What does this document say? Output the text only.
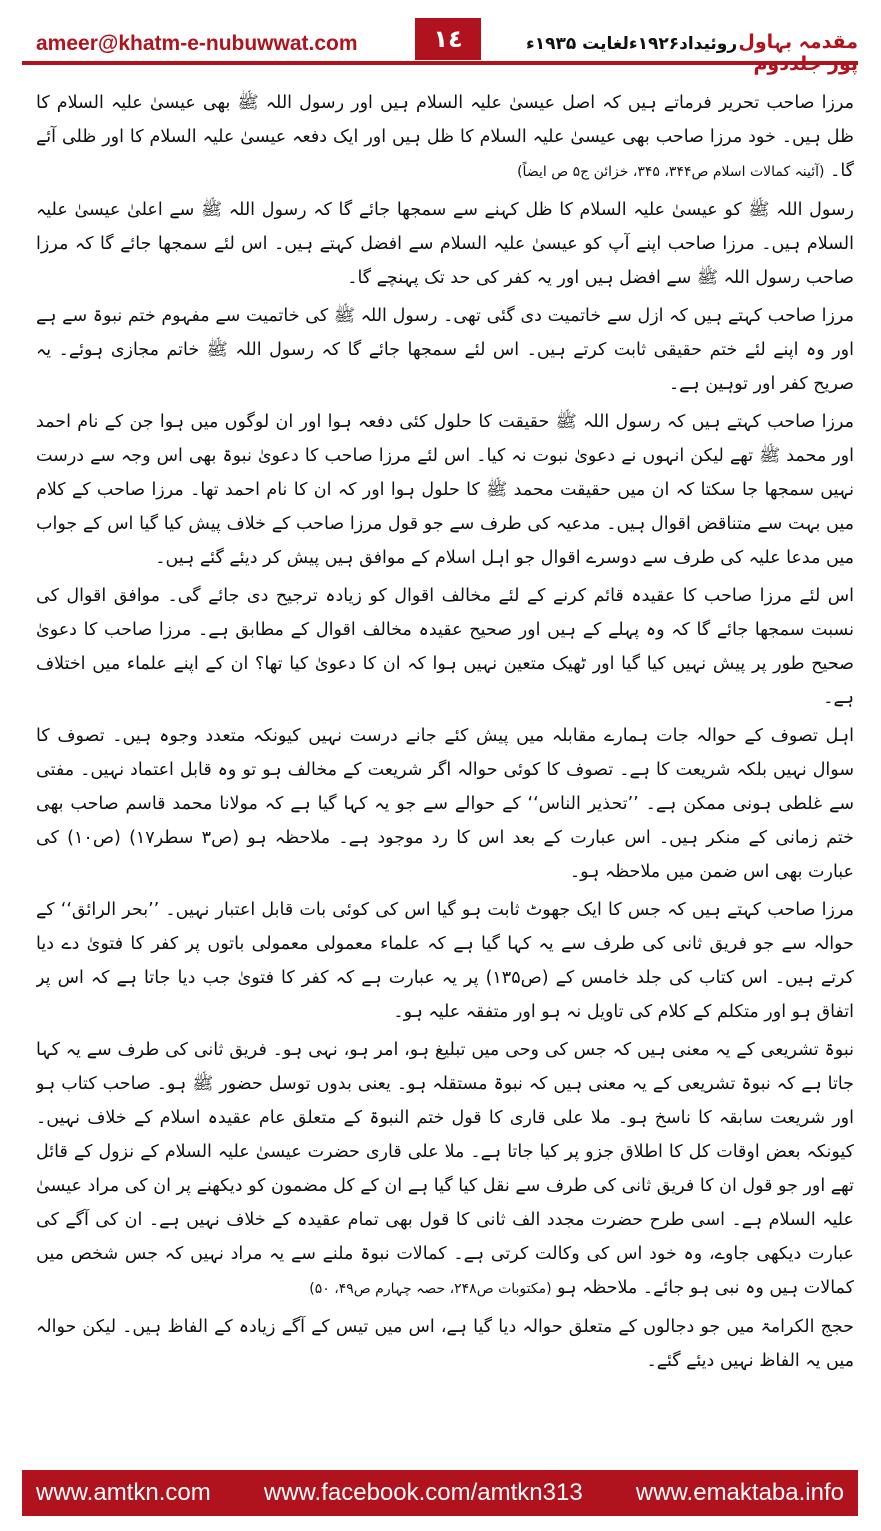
ameer@khatm-e-nubuwwat.com	١٤	روئیداد۱۹۲۶ءلغایت ۱۹۳۵ء	مقدمہ بہاول

مرزا صاحب تحریر فرماتے ہیں کہ اصل عیسیٰ علیہ السلام ہیں اور رسول اللہ ﷺ بھی عیسیٰ علیہ السلام کا ظل ہیں۔ خود مرزا صاحب بھی عیسیٰ علیہ السلام کا ظل ہیں اور ایک دفعہ عیسیٰ علیہ السلام کا اور ظلی آئے گا۔ (آئینہ کمالات اسلام ص۳۴۴، ۳۴۵، خزائن ج۵ ص ایضاً)

رسول اللہ ﷺ کو عیسیٰ علیہ السلام کا ظل کہنے سے سمجھا جائے گا کہ رسول اللہ ﷺ سے اعلیٰ عیسیٰ علیہ السلام ہیں۔ مرزا صاحب اپنے آپ کو عیسیٰ علیہ السلام سے افضل کہتے ہیں۔ اس لئے سمجھا جائے گا کہ مرزا صاحب رسول اللہ ﷺ سے افضل ہیں اور یہ کفر کی حد تک پہنچے گا۔

مرزا صاحب کہتے ہیں کہ ازل سے خاتمیت دی گئی تھی۔ رسول اللہ ﷺ کی خاتمیت سے مفہوم ختم نبوۃ سے ہے اور وہ اپنے لئے ختم حقیقی ثابت کرتے ہیں۔ اس لئے سمجھا جائے گا کہ رسول اللہ ﷺ خاتم مجازی ہوئے۔ یہ صریح کفر اور توہین ہے۔

مرزا صاحب کہتے ہیں کہ رسول اللہ ﷺ حقیقت کا حلول کئی دفعہ ہوا اور ان لوگوں میں ہوا جن کے نام احمد اور محمد ﷺ تھے لیکن انہوں نے دعویٰ نبوت نہ کیا۔ اس لئے مرزا صاحب کا دعویٰ نبوۃ بھی اس وجہ سے درست نہیں سمجھا جا سکتا کہ ان میں حقیقت محمد ﷺ کا حلول ہوا اور کہ ان کا نام احمد تھا۔ مرزا صاحب کے کلام میں بہت سے متناقض اقوال ہیں۔ مدعیہ کی طرف سے جو قول مرزا صاحب کے خلاف پیش کیا گیا اس کے جواب میں مدعا علیہ کی طرف سے دوسرے اقوال جو اہل اسلام کے موافق ہیں پیش کر دیئے گئے ہیں۔

اس لئے مرزا صاحب کا عقیدہ قائم کرنے کے لئے مخالف اقوال کو زیادہ ترجیح دی جائے گی۔ موافق اقوال کی نسبت سمجھا جائے گا کہ وہ پہلے کے ہیں اور صحیح عقیدہ مخالف اقوال کے مطابق ہے۔ مرزا صاحب کا دعویٰ صحیح طور پر پیش نہیں کیا گیا اور ٹھیک متعین نہیں ہوا کہ ان کا دعویٰ کیا تھا؟ ان کے اپنے علماء میں اختلاف ہے۔

اہل تصوف کے حوالہ جات ہمارے مقابلہ میں پیش کئے جانے درست نہیں کیونکہ متعدد وجوہ ہیں۔ تصوف کا سوال نہیں بلکہ شریعت کا ہے۔ تصوف کا کوئی حوالہ اگر شریعت کے مخالف ہو تو وہ قابل اعتماد نہیں۔ مفتی سے غلطی ہونی ممکن ہے۔ ’’تحذیر الناس‘‘ کے حوالے سے جو یہ کہا گیا ہے کہ مولانا محمد قاسم صاحب بھی ختم زمانی کے منکر ہیں۔ اس عبارت کے بعد اس کا رد موجود ہے۔ ملاحظہ ہو (ص۳ سطر۱۷) (ص۱۰) کی عبارت بھی اس ضمن میں ملاحظہ ہو۔

مرزا صاحب کہتے ہیں کہ جس کا ایک جھوٹ ثابت ہو گیا اس کی کوئی بات قابل اعتبار نہیں۔ ’’بحر الرائق‘‘ کے حوالہ سے جو فریق ثانی کی طرف سے یہ کہا گیا ہے کہ علماء معمولی معمولی باتوں پر کفر کا فتویٰ دے دیا کرتے ہیں۔ اس کتاب کی جلد خامس کے (ص۱۳۵) پر یہ عبارت ہے کہ کفر کا فتویٰ جب دیا جاتا ہے کہ اس پر اتفاق ہو اور متکلم کے کلام کی تاویل نہ ہو اور متفقہ علیہ ہو۔

نبوۃ تشریعی کے یہ معنی ہیں کہ جس کی وحی میں تبلیغ ہو، امر ہو، نہی ہو۔ فریق ثانی کی طرف سے یہ کہا جاتا ہے کہ نبوۃ تشریعی کے یہ معنی ہیں کہ نبوۃ مستقلہ ہو۔ یعنی بدوں توسل حضور ﷺ ہو۔ صاحب کتاب ہو اور شریعت سابقہ کا ناسخ ہو۔ ملا علی قاری کا قول ختم النبوۃ کے متعلق عام عقیدہ اسلام کے خلاف نہیں۔ کیونکہ بعض اوقات کل کا اطلاق جزو پر کیا جاتا ہے۔ ملا علی قاری حضرت عیسیٰ علیہ السلام کے نزول کے قائل تھے اور جو قول ان کا فریق ثانی کی طرف سے نقل کیا گیا ہے ان کے کل مضمون کو دیکھنے پر ان کی مراد عیسیٰ علیہ السلام ہے۔ اسی طرح حضرت مجدد الف ثانی کا قول بھی تمام عقیدہ کے خلاف نہیں ہے۔ ان کی آگے کی عبارت دیکھی جاوے، وہ خود اس کی وکالت کرتی ہے۔ کمالات نبوۃ ملنے سے یہ مراد نہیں کہ جس شخص میں کمالات ہیں وہ نبی ہو جائے۔ ملاحظہ ہو (مکتوبات ص۲۴۸، حصہ چہارم ص۴۹، ۵۰)

حجج الکرامۃ میں جو دجالوں کے متعلق حوالہ دیا گیا ہے، اس میں تیس کے آگے زیادہ کے الفاظ ہیں۔ لیکن حوالہ میں یہ الفاظ نہیں دیئے گئے۔

www.amtkn.com www.facebook.com/amtkn313 www.emaktaba.info
